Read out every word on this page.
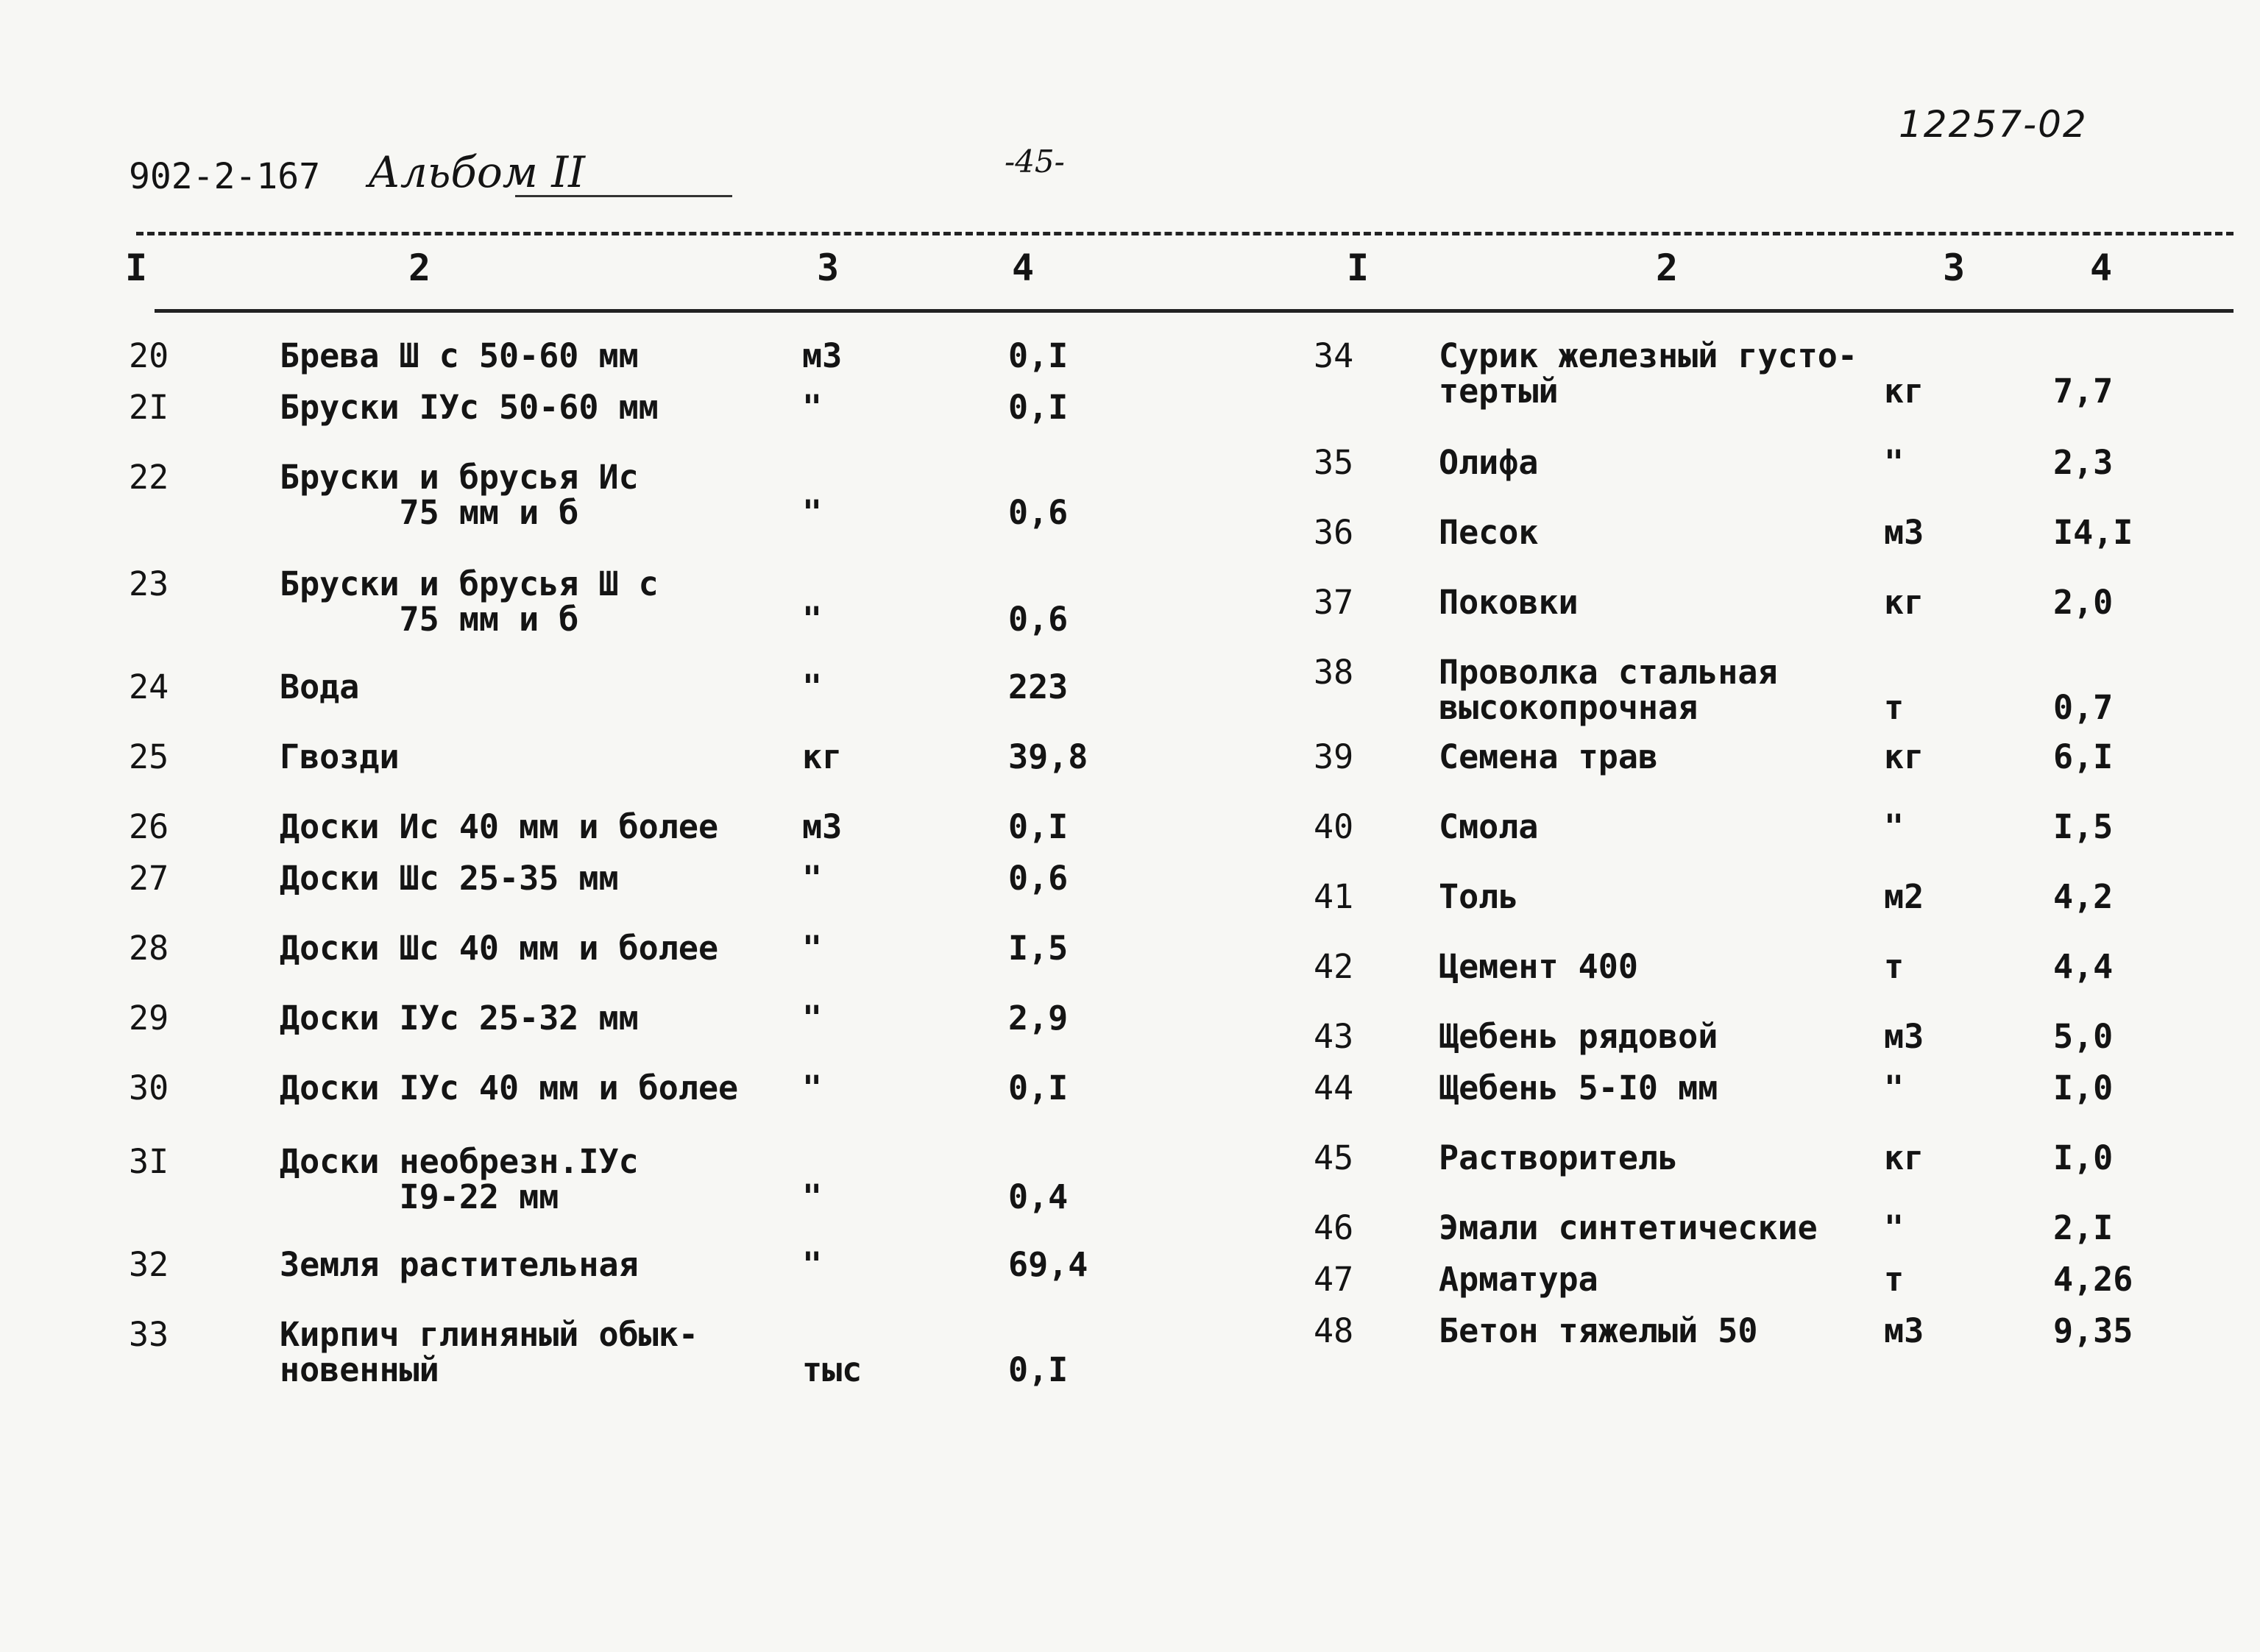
902-2-167 Альбом II	-45-
12257-02
I	2	3	4	I	2	3	4
20	Брева Ш с 50-60 мм	м3	0,I
2I	Бруски IУс 50-60 мм	"	0,I
22	Бруски и брусья Ис
75 мм и б	"	0,6
23	Бруски и брусья Ш с
75 мм и б	"	0,6
24	Вода	"	223
25	Гвозди	кг	39,8
26	Доски Ис 40 мм и более	м3	0,I
27	Доски Шс 25-35 мм	"	0,6
28	Доски Шс 40 мм и более	"	I,5
29	Доски IУс 25-32 мм	"	2,9
30	Доски IУс 40 мм и более "	0,I
3I	Доски необрезн.IУс
I9-22 мм	"	0,4
32	Земля растительная	"	69,4
33	Кирпич глиняный обык-
новенный	тыс	0,I
34	Сурик железный густо-
тертый	кг	7,7
35	Олифа	"	2,3
36	Песок	м3	I4,I
37	Поковки	кг	2,0
38	Проволка стальная
высокопрочная	т	0,7
39	Семена трав	кг	6,I
40	Смола	"	I,5
41	Толь	м2	4,2
42	Цемент 400	т	4,4
43	Щебень рядовой	м3	5,0
44	Щебень 5-I0 мм	"	I,0
45	Растворитель	кг	I,0
46	Эмали синтетические "	2,I
47	Арматура	т	4,26
48	Бетон тяжелый 50	м3	9,35
